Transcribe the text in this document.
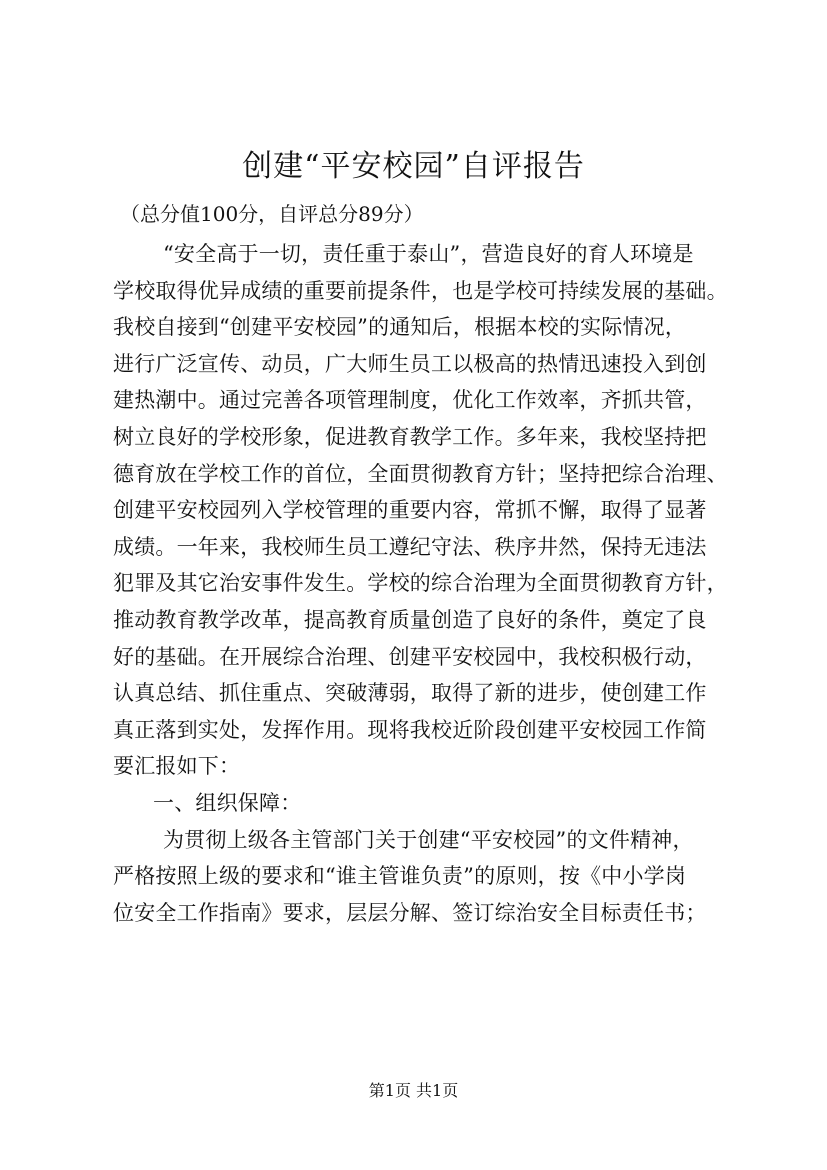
创建“平安校园”自评报告
（总分值100分，自评总分89分）
“安全高于一切，责任重于泰山”，营造良好的育人环境是
学校取得优异成绩的重要前提条件，也是学校可持续发展的基础。
我校自接到“创建平安校园”的通知后，根据本校的实际情况，
进行广泛宣传、动员，广大师生员工以极高的热情迅速投入到创
建热潮中。通过完善各项管理制度，优化工作效率，齐抓共管，
树立良好的学校形象，促进教育教学工作。多年来，我校坚持把
德育放在学校工作的首位，全面贯彻教育方针；坚持把综合治理、
创建平安校园列入学校管理的重要内容，常抓不懈，取得了显著
成绩。一年来，我校师生员工遵纪守法、秩序井然，保持无违法
犯罪及其它治安事件发生。学校的综合治理为全面贯彻教育方针，
推动教育教学改革，提高教育质量创造了良好的条件，奠定了良
好的基础。在开展综合治理、创建平安校园中，我校积极行动，
认真总结、抓住重点、突破薄弱，取得了新的进步，使创建工作
真正落到实处，发挥作用。现将我校近阶段创建平安校园工作简
要汇报如下：
一、组织保障：
为贯彻上级各主管部门关于创建“平安校园”的文件精神，
严格按照上级的要求和“谁主管谁负责”的原则，按《中小学岗
位安全工作指南》要求，层层分解、签订综治安全目标责任书；
第1页 共1页
